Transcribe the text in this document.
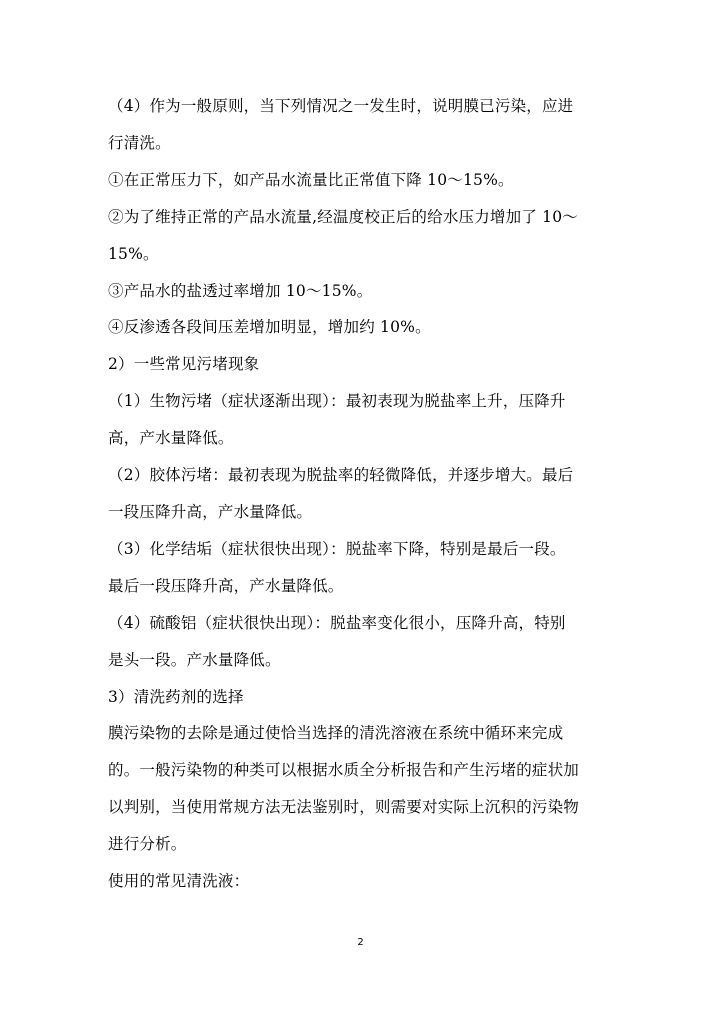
（4）作为一般原则，当下列情况之一发生时，说明膜已污染，应进
行清洗。
①在正常压力下，如产品水流量比正常值下降 10～15%。
②为了维持正常的产品水流量,经温度校正后的给水压力增加了 10～
15%。
③产品水的盐透过率增加 10～15%。
④反渗透各段间压差增加明显，增加约 10%。
2）一些常见污堵现象
（1）生物污堵（症状逐渐出现）：最初表现为脱盐率上升，压降升
高，产水量降低。
（2）胶体污堵：最初表现为脱盐率的轻微降低，并逐步增大。最后
一段压降升高，产水量降低。
（3）化学结垢（症状很快出现）：脱盐率下降，特别是最后一段。
最后一段压降升高，产水量降低。
（4）硫酸铝（症状很快出现）：脱盐率变化很小，压降升高，特别
是头一段。产水量降低。
3）清洗药剂的选择
膜污染物的去除是通过使恰当选择的清洗溶液在系统中循环来完成
的。一般污染物的种类可以根据水质全分析报告和产生污堵的症状加
以判别，当使用常规方法无法鉴别时，则需要对实际上沉积的污染物
进行分析。
使用的常见清洗液：
2
